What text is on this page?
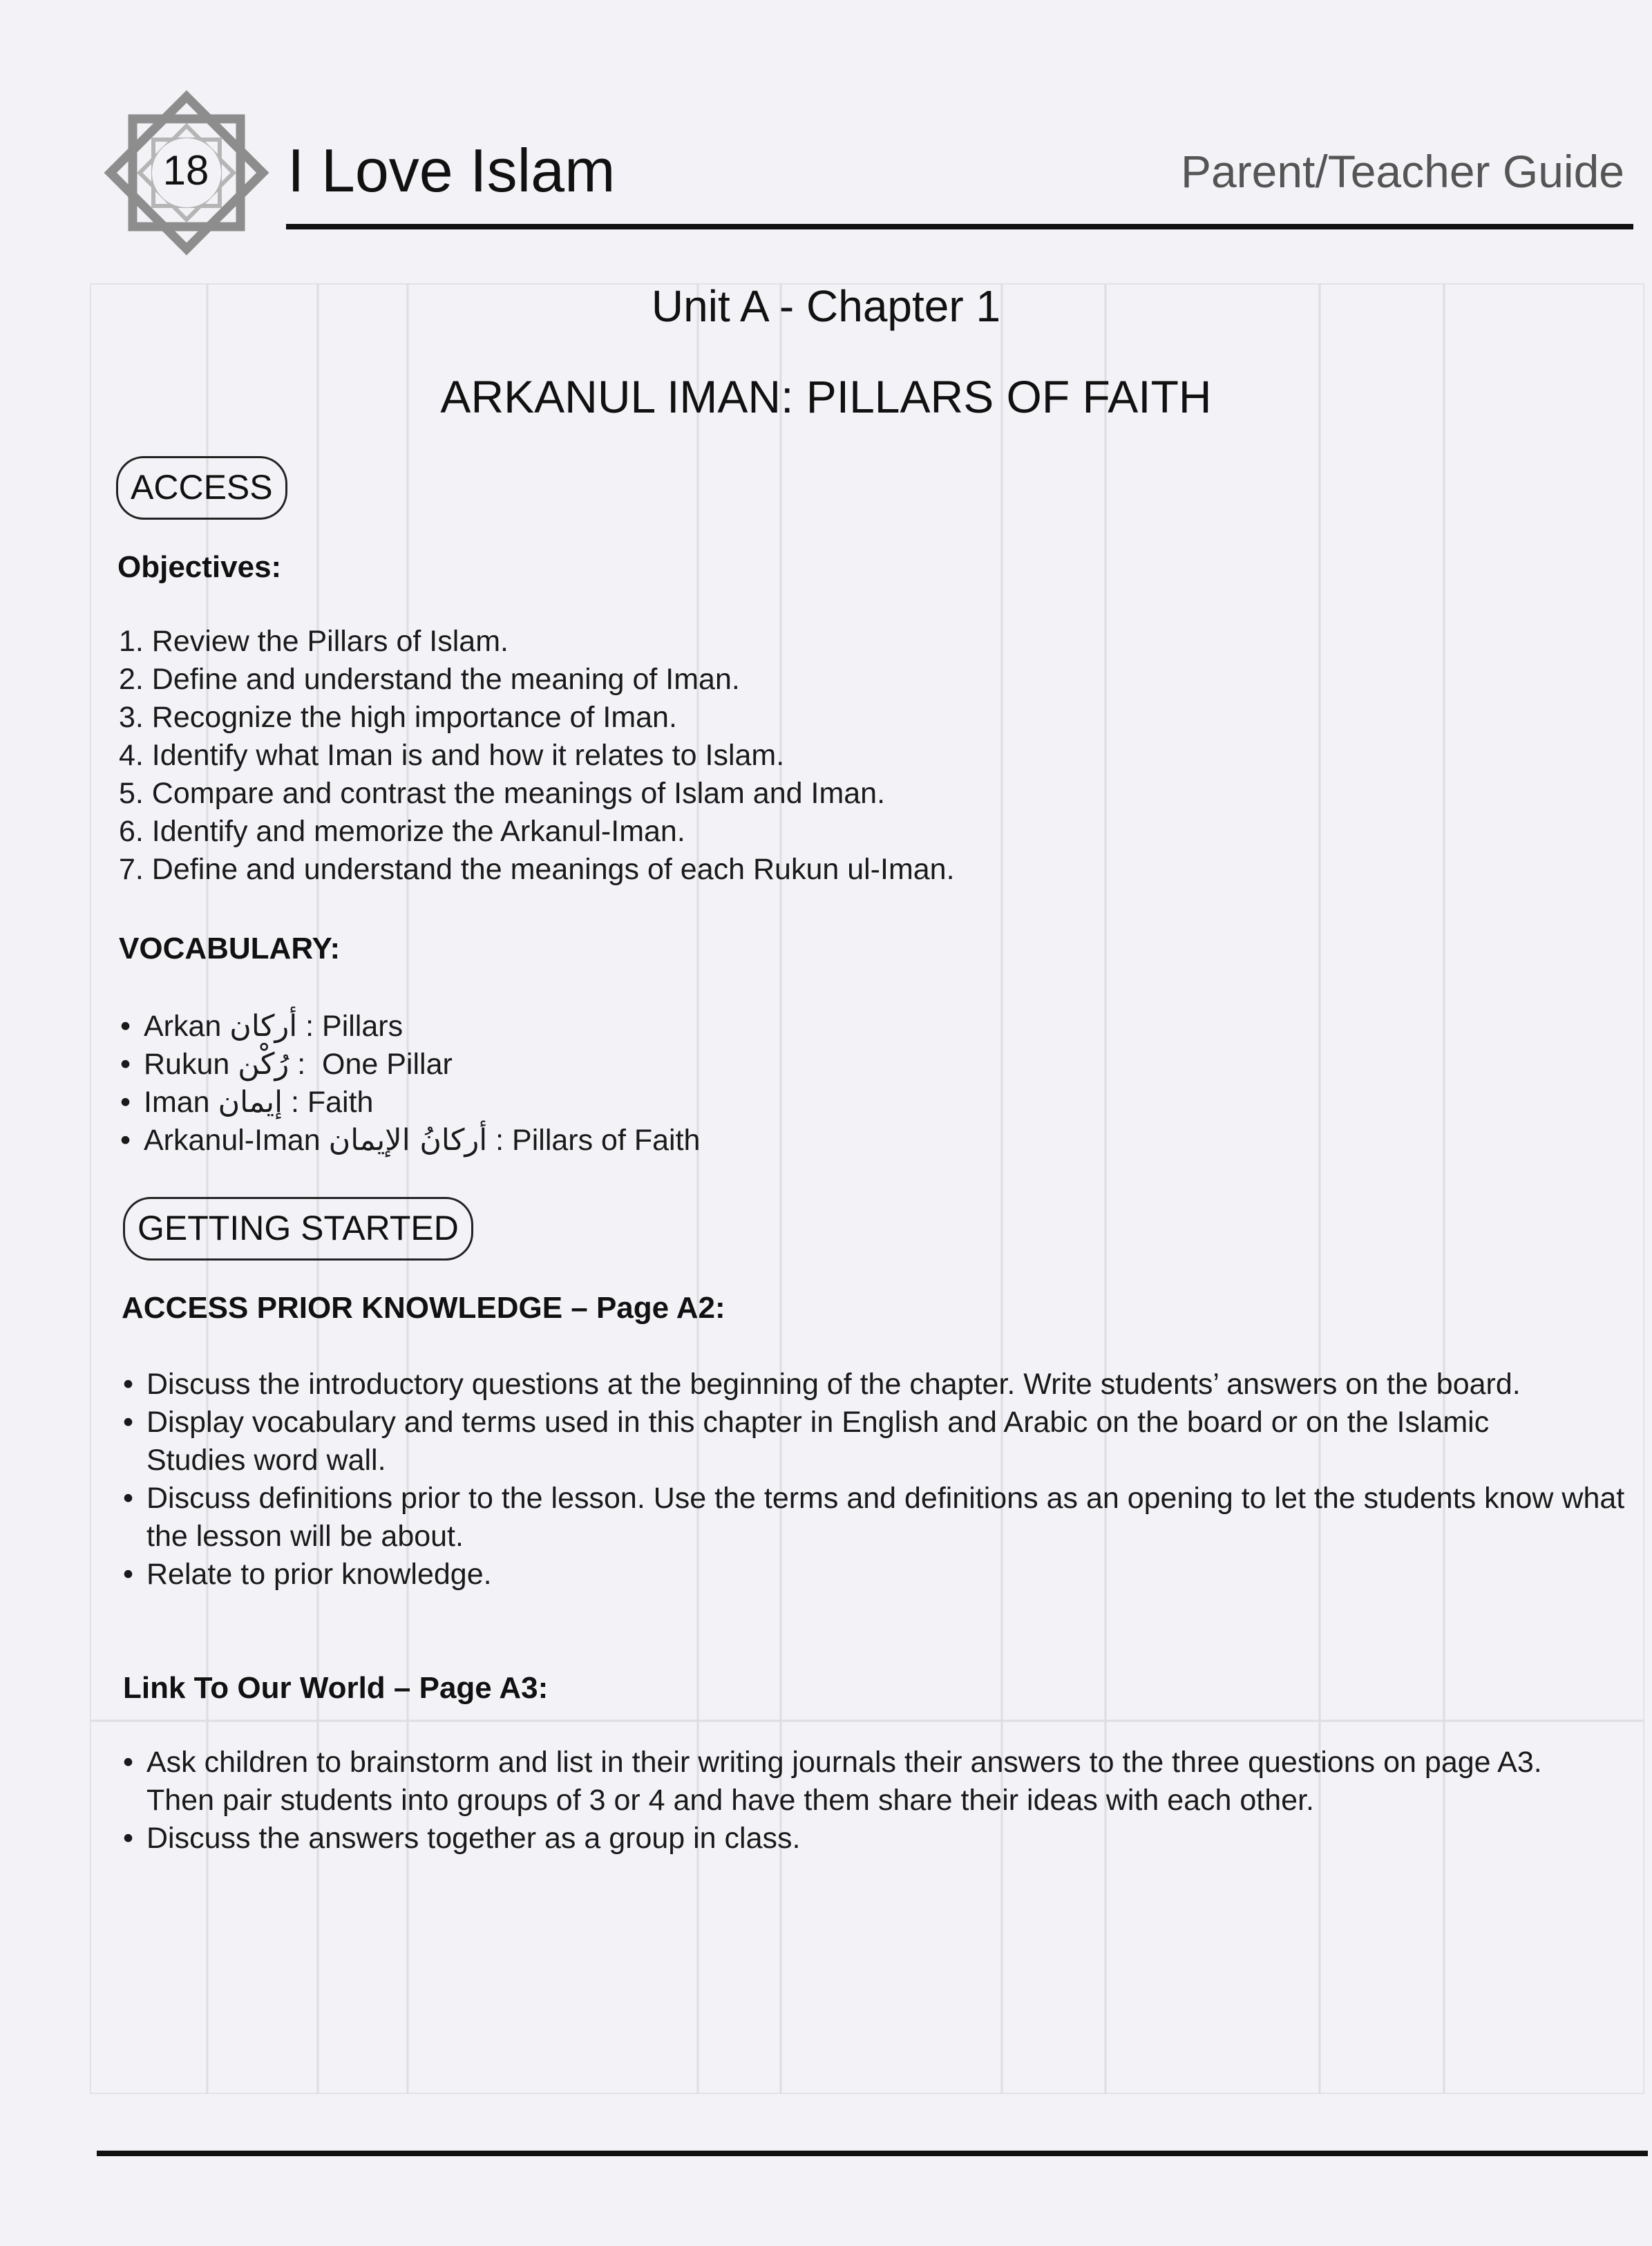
18 I Love Islam	Parent/Teacher Guide
Unit A - Chapter 1
ARKANUL IMAN: PILLARS OF FAITH
ACCESS
Objectives:
1. Review the Pillars of Islam.
2. Define and understand the meaning of Iman.
3. Recognize the high importance of Iman.
4. Identify what Iman is and how it relates to Islam.
5. Compare and contrast the meanings of Islam and Iman.
6. Identify and memorize the Arkanul-Iman.
7. Define and understand the meanings of each Rukun ul-Iman.
VOCABULARY:
• Arkan أركان : Pillars
• Rukun رُكْن :  One Pillar
• Iman إيمان : Faith
• Arkanul-Iman أركانُ الإيمان : Pillars of Faith
GETTING STARTED
ACCESS PRIOR KNOWLEDGE – Page A2:
• Discuss the introductory questions at the beginning of the chapter. Write students’ answers on the board.
• Display vocabulary and terms used in this chapter in English and Arabic on the board or on the Islamic Studies word wall.
• Discuss definitions prior to the lesson. Use the terms and definitions as an opening to let the students know what the lesson will be about.
• Relate to prior knowledge.
Link To Our World – Page A3:
• Ask children to brainstorm and list in their writing journals their answers to the three questions on page A3. Then pair students into groups of 3 or 4 and have them share their ideas with each other.
• Discuss the answers together as a group in class.
